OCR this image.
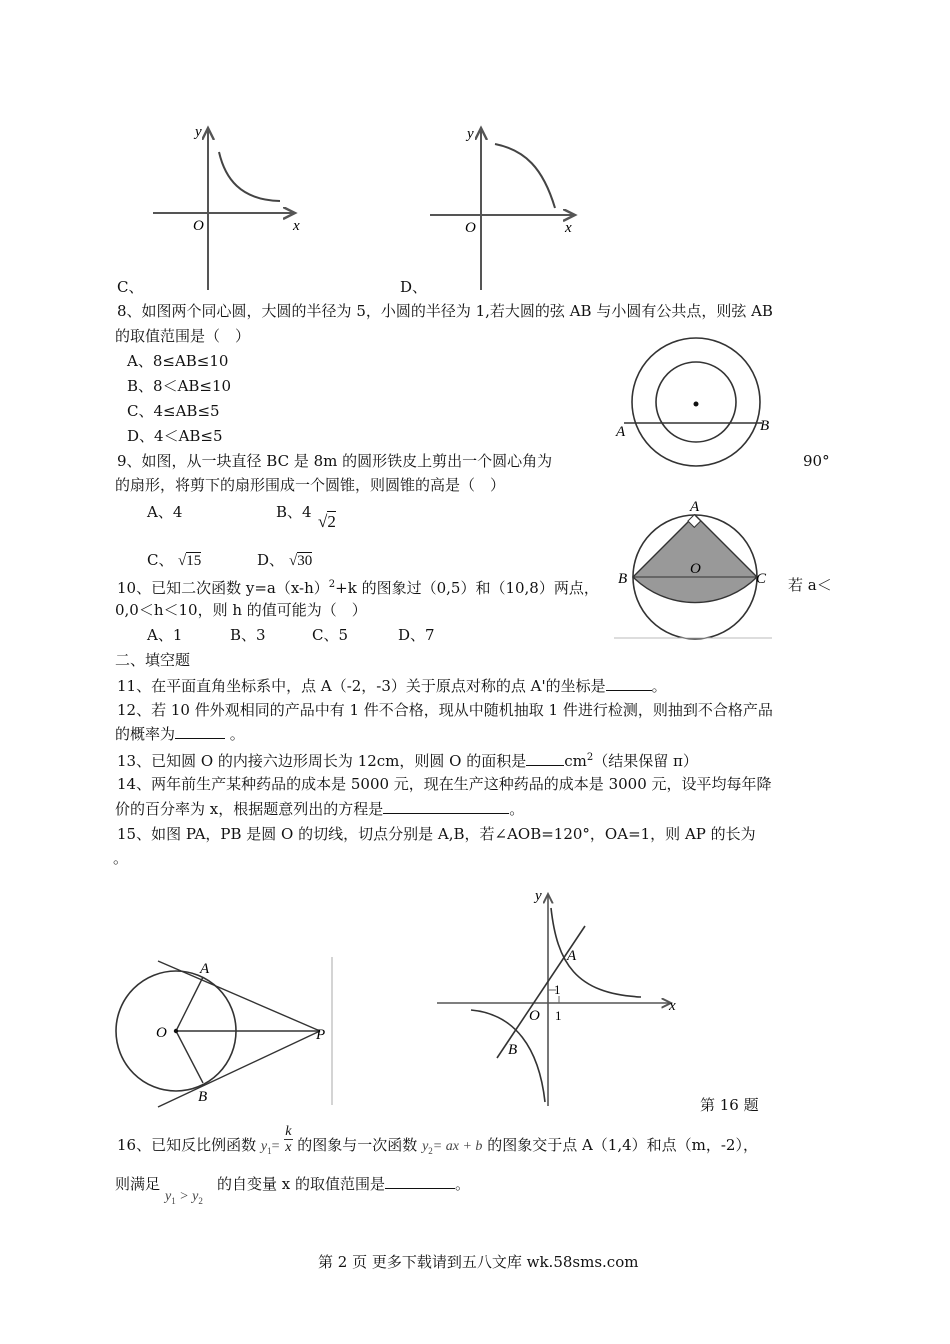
y
O	x
C、
y
O	x
D、
8、如图两个同心圆，大圆的半径为 5，小圆的半径为 1,若大圆的弦 AB 与小圆有公共点，则弦 AB
的取值范围是（　）
A、8≤AB≤10
B、8＜AB≤10
C、4≤AB≤5
D、4＜AB≤5	A	B
9、如图，从一块直径 BC 是 8m 的圆形铁皮上剪出一个圆心角为	90°
的扇形，将剪下的扇形围成一个圆锥，则圆锥的高是（　）
A、4	B、4 √2
C、 √15	D、 √30
A
B	C
O
10、已知二次函数 $y=a(x-h)^2+k$ 的图象过（0,5）和（10,8）两点，	若 a＜
0,0＜h＜10，则 h 的值可能为（　）
A、1	B、3	C、5	D、7
二、填空题
11、在平面直角坐标系中，点 A（-2，-3）关于原点对称的点 A'的坐标是	。
12、若 10 件外观相同的产品中有 1 件不合格，现从中随机抽取 1 件进行检测，则抽到不合格产品
的概率为	。
13、已知圆 O 的内接六边形周长为 12cm，则圆 O 的面积是	$cm^2$（结果保留 π）
14、两年前生产某种药品的成本是 5000 元，现在生产这种药品的成本是 3000 元，设平均每年降
价的百分率为 x，根据题意列出的方程是	。
15、如图 PA，PB 是圆 O 的切线，切点分别是 A,B，若∠AOB=120°，OA=1，则 AP 的长为
。
A
B
O	P
y
x
O
A
B
1
1
第 16 题
16、已知反比例函数 $y_1= \frac{k}{x}$ 的图象与一次函数 $y_2=$ ax + b 的图象交于点 A（1,4）和点（m，-2），
则满足
$y_1 > y_2$
的自变量 x 的取值范围是	。
第 2 页 更多下载请到五八文库 wk.58sms.com
